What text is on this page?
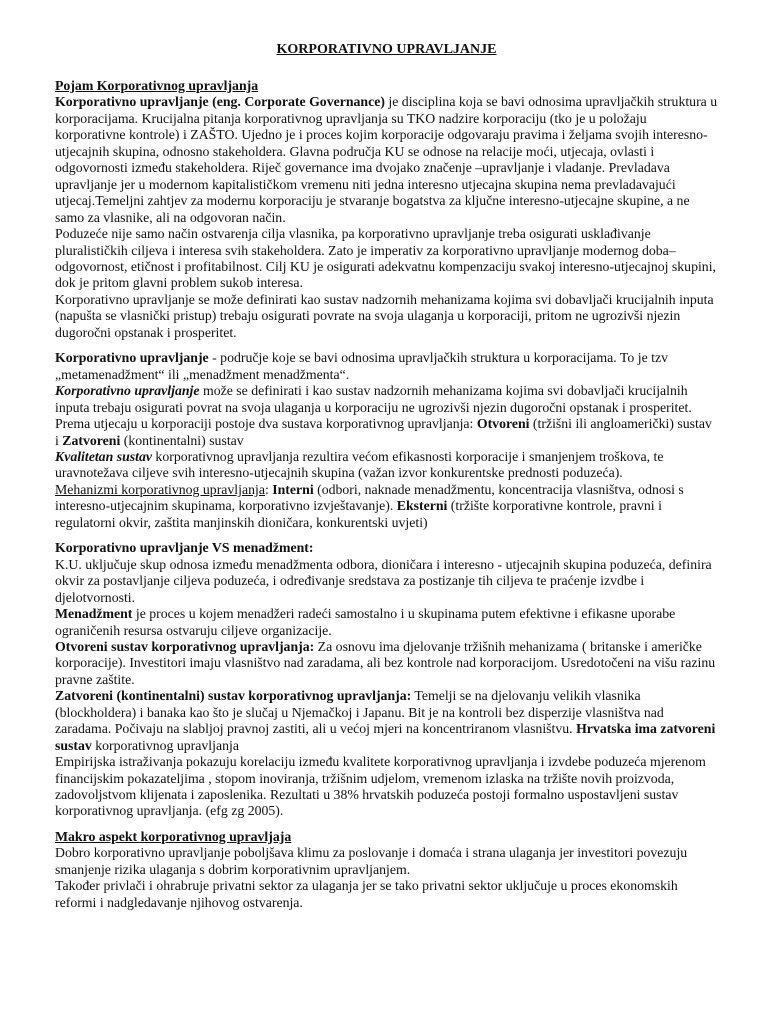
KORPORATIVNO UPRAVLJANJE
Pojam Korporativnog upravljanja
Korporativno upravljanje (eng. Corporate Governance) je disciplina koja se bavi odnosima upravljačkih struktura u korporacijama. Krucijalna pitanja korporativnog upravljanja su TKO nadzire korporaciju (tko je u položaju korporativne kontrole) i ZAŠTO. Ujedno je i proces kojim korporacije odgovaraju pravima i željama svojih interesno-utjecajnih skupina, odnosno stakeholdera. Glavna područja KU se odnose na relacije moći, utjecaja, ovlasti i odgovornosti između stakeholdera. Riječ governance ima dvojako značenje –upravljanje i vladanje. Prevladava upravljanje jer u modernom kapitalističkom vremenu niti jedna interesno utjecajna skupina nema prevladavajući utjecaj.Temeljni zahtjev za modernu korporaciju je stvaranje bogatstva za ključne interesno-utjecajne skupine, a ne samo za vlasnike, ali na odgovoran način.
Poduzeće nije samo način ostvarenja cilja vlasnika, pa korporativno upravljanje treba osigurati usklađivanje pluralističkih ciljeva i interesa svih stakeholdera. Zato je imperativ za korporativno upravljanje modernog doba–odgovornost, etičnost i profitabilnost. Cilj KU je osigurati adekvatnu kompenzaciju svakoj interesno-utjecajnoj skupini, dok je pritom glavni problem sukob interesa.
Korporativno upravljanje se može definirati kao sustav nadzornih mehanizama kojima svi dobavljači krucijalnih inputa (napušta se vlasnički pristup) trebaju osigurati povrate na svoja ulaganja u korporaciji, pritom ne ugrozivši njezin dugoročni opstanak i prosperitet.
Korporativno upravljanje - područje koje se bavi odnosima upravljačkih struktura u korporacijama. To je tzv „metamenadžment“ ili „menadžment menadžmenta“.
Korporativno upravljanje može se definirati i kao sustav nadzornih mehanizama kojima svi dobavljači krucijalnih inputa trebaju osigurati povrat na svoja ulaganja u korporaciju ne ugrozivši njezin dugoročni opstanak i prosperitet.
Prema utjecaju u korporaciji postoje dva sustava korporativnog upravljanja: Otvoreni (tržišni ili angloamerički) sustav i Zatvoreni (kontinentalni) sustav
Kvalitetan sustav korporativnog upravljanja rezultira većom efikasnosti korporacije i smanjenjem troškova, te uravnotežava ciljeve svih interesno-utjecajnih skupina (važan izvor konkurentske prednosti poduzeća).
Mehanizmi korporativnog upravljanja: Interni (odbori, naknade menadžmentu, koncentracija vlasništva, odnosi s interesno-utjecajnim skupinama, korporativno izvještavanje). Eksterni (tržište korporativne kontrole, pravni i regulatorni okvir, zaštita manjinskih dioničara, konkurentski uvjeti)
Korporativno upravljanje VS menadžment:
K.U. uključuje skup odnosa između menadžmenta odbora, dioničara i interesno - utjecajnih skupina poduzeća, definira okvir za postavljanje ciljeva poduzeća, i određivanje sredstava za postizanje tih ciljeva te praćenje izvdbe i djelotvornosti.
Menadžment je proces u kojem menadžeri radeći samostalno i u skupinama putem efektivne i efikasne uporabe ograničenih resursa ostvaruju ciljeve organizacije.
Otvoreni sustav korporativnog upravljanja: Za osnovu ima djelovanje tržišnih mehanizama ( britanske i američke korporacije). Investitori imaju vlasništvo nad zaradama, ali bez kontrole nad korporacijom. Usredotočeni na višu razinu pravne zaštite.
Zatvoreni (kontinentalni) sustav korporativnog upravljanja: Temelji se na djelovanju velikih vlasnika (blockholdera) i banaka kao što je slučaj u Njemačkoj i Japanu. Bit je na kontroli bez disperzije vlasništva nad zaradama. Počivaju na slabljoj pravnoj zastiti, ali u većoj mjeri na koncentriranom vlasništvu. Hrvatska ima zatvoreni sustav korporativnog upravljanja
Empirijska istraživanja pokazuju korelaciju između kvalitete korporativnog upravljanja i izvdebe poduzeća mjerenom financijskim pokazateljima , stopom inoviranja, tržišnim udjelom, vremenom izlaska na tržište novih proizvoda, zadovoljstvom klijenata i zaposlenika. Rezultati u 38% hrvatskih poduzeća postoji formalno uspostavljeni sustav korporativnog upravljanja. (efg zg 2005).
Makro aspekt korporativnog upravljaja
Dobro korporativno upravljanje poboljšava klimu za poslovanje i domaća i strana ulaganja jer investitori povezuju smanjenje rizika ulaganja s dobrim korporativnim upravljanjem.
Također privlači i ohrabruje privatni sektor za ulaganja jer se tako privatni sektor uključuje u proces ekonomskih reformi i nadgledavanje njihovog ostvarenja.
